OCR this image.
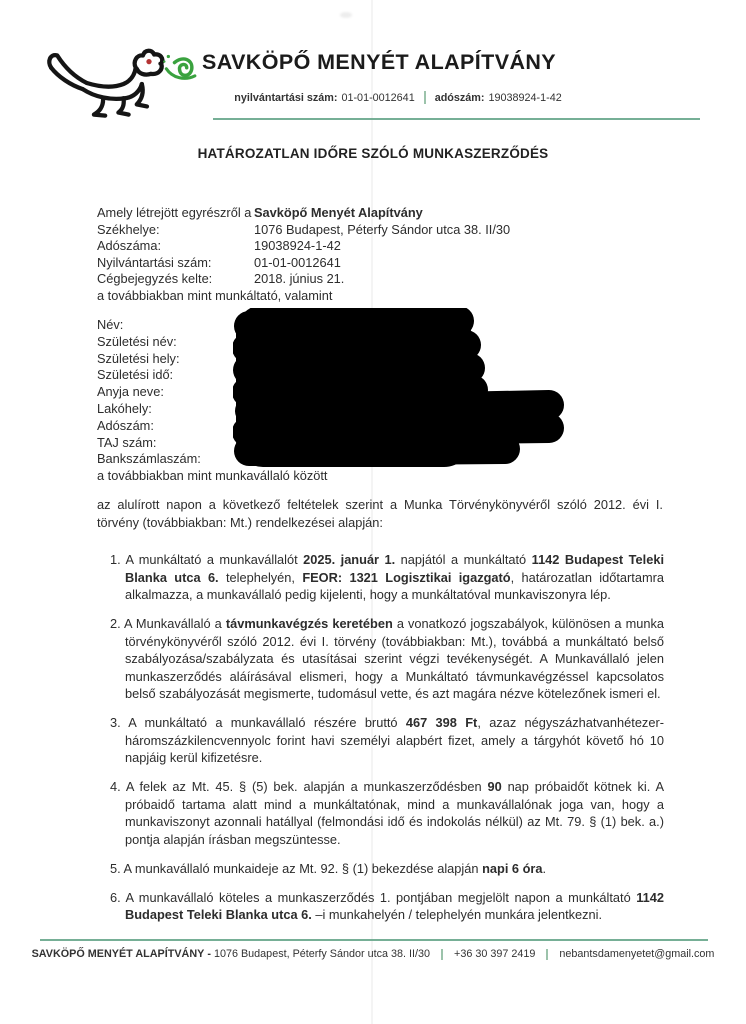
SAVKÖPŐ MENYÉT ALAPÍTVÁNY
nyilvántartási szám: 01-01-0012641 adószám: 19038924-1-42
HATÁROZATLAN IDŐRE SZÓLÓ MUNKASZERZŐDÉS
Amely létrejött egyrészről a Savköpő Menyét Alapítvány
Székhelye:	1076 Budapest, Péterfy Sándor utca 38. II/30
Adószáma:	19038924-1-42
Nyilvántartási szám:	01-01-0012641
Cégbejegyzés kelte:	2018. június 21.
a továbbiakban mint munkáltató, valamint
Név:
Születési név:
Születési hely:
Születési idő:
Anyja neve:
Lakóhely:
Adószám:
TAJ szám:
Bankszámlaszám:
a továbbiakban mint munkavállaló között
az alulírott napon a következő feltételek szerint a Munka Törvénykönyvéről szóló 2012. évi I. törvény (továbbiakban: Mt.) rendelkezései alapján:
1. A munkáltató a munkavállalót 2025. január 1. napjától a munkáltató 1142 Budapest Teleki Blanka utca 6. telephelyén, FEOR: 1321 Logisztikai igazgató, határozatlan időtartamra alkalmazza, a munkavállaló pedig kijelenti, hogy a munkáltatóval munkaviszonyra lép.
2. A Munkavállaló a távmunkavégzés keretében a vonatkozó jogszabályok, különösen a munka törvénykönyvéről szóló 2012. évi I. törvény (továbbiakban: Mt.), továbbá a munkáltató belső szabályozása/szabályzata és utasításai szerint végzi tevékenységét. A Munkavállaló jelen munkaszerződés aláírásával elismeri, hogy a Munkáltató távmunkavégzéssel kapcsolatos belső szabályozását megismerte, tudomásul vette, és azt magára nézve kötelezőnek ismeri el.
3. A munkáltató a munkavállaló részére bruttó 467 398 Ft, azaz négyszázhatvanhétezer-háromszázkilencvennyolc forint havi személyi alapbért fizet, amely a tárgyhót követő hó 10 napjáig kerül kifizetésre.
4. A felek az Mt. 45. § (5) bek. alapján a munkaszerződésben 90 nap próbaidőt kötnek ki. A próbaidő tartama alatt mind a munkáltatónak, mind a munkavállalónak joga van, hogy a munkaviszonyt azonnali hatállyal (felmondási idő és indokolás nélkül) az Mt. 79. § (1) bek. a.) pontja alapján írásban megszüntesse.
5. A munkavállaló munkaideje az Mt. 92. § (1) bekezdése alapján napi 6 óra.
6. A munkavállaló köteles a munkaszerződés 1. pontjában megjelölt napon a munkáltató 1142 Budapest Teleki Blanka utca 6. –i munkahelyén / telephelyén munkára jelentkezni.
SAVKÖPŐ MENYÉT ALAPÍTVÁNY - 1076 Budapest, Péterfy Sándor utca 38. II/30 +36 30 397 2419 nebantsdamenyetet@gmail.com
